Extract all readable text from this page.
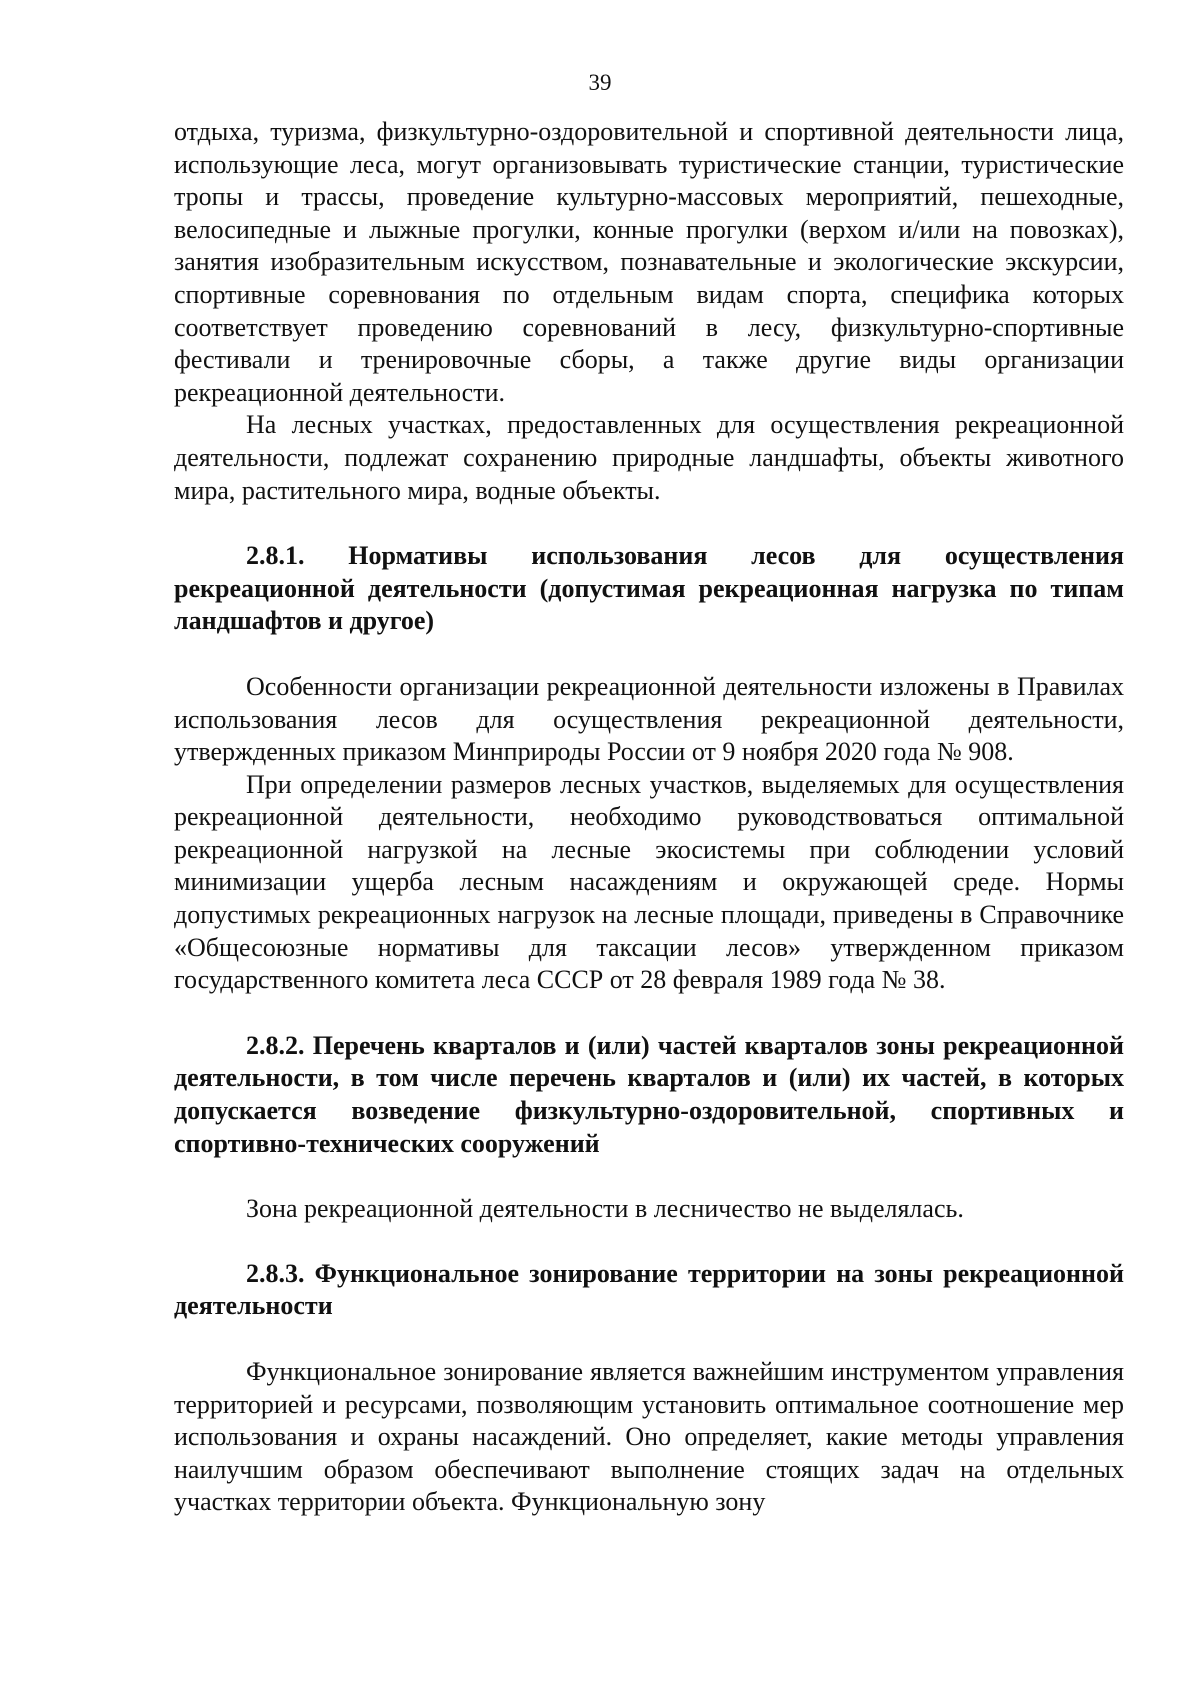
39

отдыха, туризма, физкультурно-оздоровительной и спортивной деятельности лица, использующие леса, могут организовывать туристические станции, туристические тропы и трассы, проведение культурно-массовых мероприятий, пешеходные, велосипедные и лыжные прогулки, конные прогулки (верхом и/или на повозках), занятия изобразительным искусством, познавательные и экологические экскурсии, спортивные соревнования по отдельным видам спорта, специфика которых соответствует проведению соревнований в лесу, физкультурно-спортивные фестивали и тренировочные сборы, а также другие виды организации рекреационной деятельности.

На лесных участках, предоставленных для осуществления рекреационной деятельности, подлежат сохранению природные ландшафты, объекты животного мира, растительного мира, водные объекты.

2.8.1. Нормативы использования лесов для осуществления рекреационной деятельности (допустимая рекреационная нагрузка по типам ландшафтов и другое)

Особенности организации рекреационной деятельности изложены в Правилах использования лесов для осуществления рекреационной деятельности, утвержденных приказом Минприроды России от 9 ноября 2020 года № 908.

При определении размеров лесных участков, выделяемых для осуществления рекреационной деятельности, необходимо руководствоваться оптимальной рекреационной нагрузкой на лесные экосистемы при соблюдении условий минимизации ущерба лесным насаждениям и окружающей среде. Нормы допустимых рекреационных нагрузок на лесные площади, приведены в Справочнике «Общесоюзные нормативы для таксации лесов» утвержденном приказом государственного комитета леса СССР от 28 февраля 1989 года № 38.

2.8.2. Перечень кварталов и (или) частей кварталов зоны рекреационной деятельности, в том числе перечень кварталов и (или) их частей, в которых допускается возведение физкультурно-оздоровительной, спортивных и спортивно-технических сооружений

Зона рекреационной деятельности в лесничество не выделялась.

2.8.3. Функциональное зонирование территории на зоны рекреационной деятельности

Функциональное зонирование является важнейшим инструментом управления территорией и ресурсами, позволяющим установить оптимальное соотношение мер использования и охраны насаждений. Оно определяет, какие методы управления наилучшим образом обеспечивают выполнение стоящих задач на отдельных участках территории объекта. Функциональную зону
